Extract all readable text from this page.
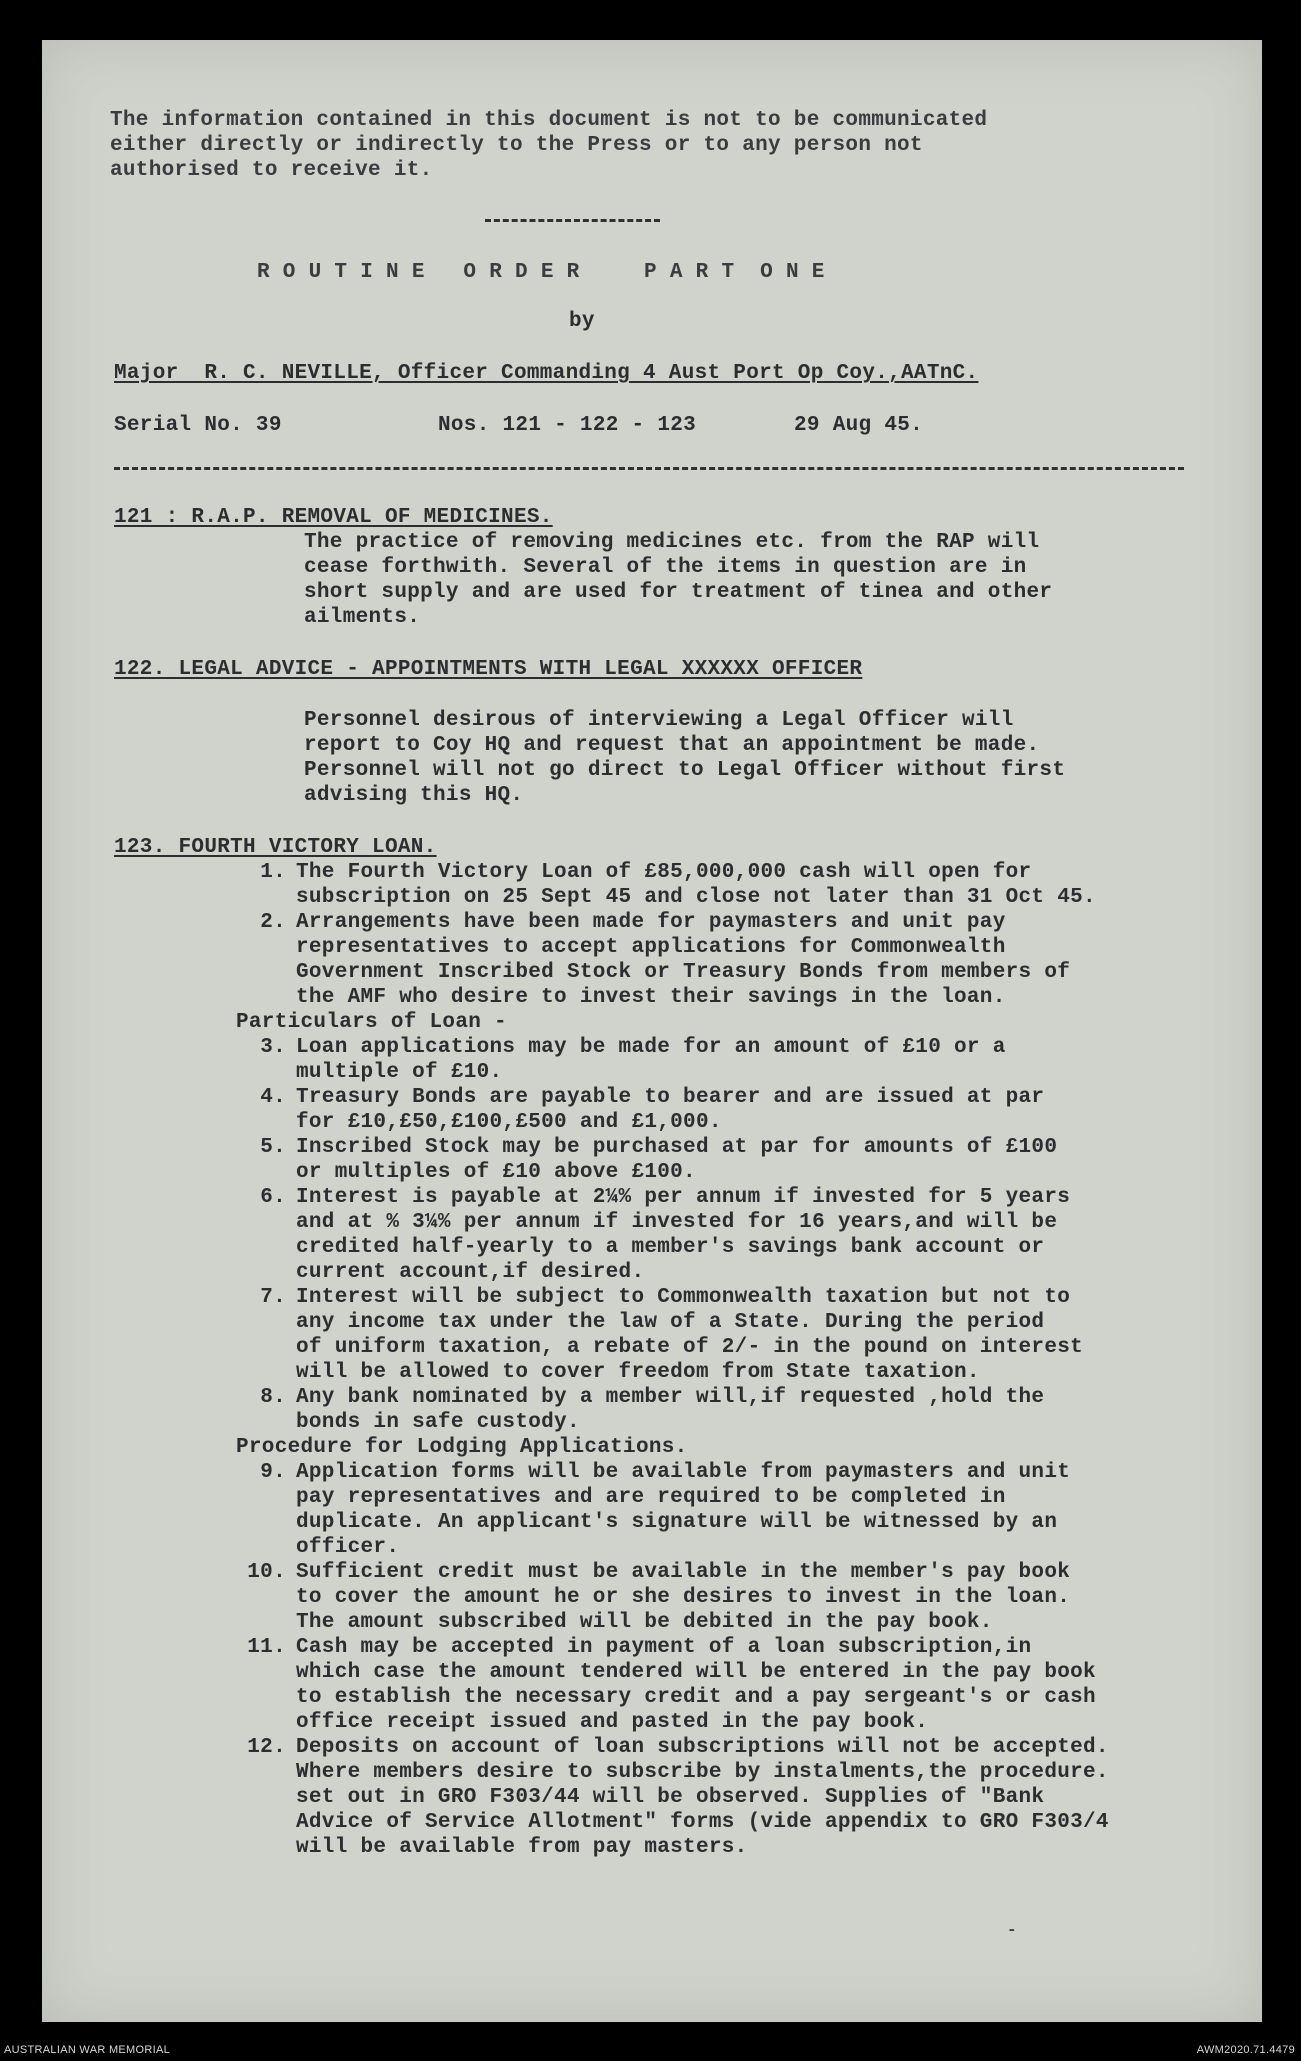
The information contained in this document is not to be communicated
either directly or indirectly to the Press or to any person not
authorised to receive it.
R O U T I N E   O R D E R     P A R T  O N E
by
Major  R. C. NEVILLE, Officer Commanding 4 Aust Port Op Coy.,AATnC.
Serial No. 39	Nos. 121 - 122 - 123	29 Aug 45.
121 : R.A.P. REMOVAL OF MEDICINES.
The practice of removing medicines etc. from the RAP will
cease forthwith. Several of the items in question are in
short supply and are used for treatment of tinea and other
ailments.
122. LEGAL ADVICE - APPOINTMENTS WITH LEGAL XXXXXX OFFICER
Personnel desirous of interviewing a Legal Officer will
report to Coy HQ and request that an appointment be made.
Personnel will not go direct to Legal Officer without first
advising this HQ.
123. FOURTH VICTORY LOAN.
1. The Fourth Victory Loan of £85,000,000 cash will open for
subscription on 25 Sept 45 and close not later than 31 Oct 45.
2. Arrangements have been made for paymasters and unit pay
representatives to accept applications for Commonwealth
Government Inscribed Stock or Treasury Bonds from members of
the AMF who desire to invest their savings in the loan.
Particulars of Loan -
3. Loan applications may be made for an amount of £10 or a
multiple of £10.
4. Treasury Bonds are payable to bearer and are issued at par
for £10,£50,£100,£500 and £1,000.
5. Inscribed Stock may be purchased at par for amounts of £100
or multiples of £10 above £100.
6. Interest is payable at 2¼% per annum if invested for 5 years
and at % 3¼% per annum if invested for 16 years,and will be
credited half-yearly to a member's savings bank account or
current account,if desired.
7. Interest will be subject to Commonwealth taxation but not to
any income tax under the law of a State. During the period
of uniform taxation, a rebate of 2/- in the pound on interest
will be allowed to cover freedom from State taxation.
8. Any bank nominated by a member will,if requested ,hold the
bonds in safe custody.
Procedure for Lodging Applications.
9. Application forms will be available from paymasters and unit
pay representatives and are required to be completed in
duplicate. An applicant's signature will be witnessed by an
officer.
10. Sufficient credit must be available in the member's pay book
to cover the amount he or she desires to invest in the loan.
The amount subscribed will be debited in the pay book.
11. Cash may be accepted in payment of a loan subscription,in
which case the amount tendered will be entered in the pay book
to establish the necessary credit and a pay sergeant's or cash
office receipt issued and pasted in the pay book.
12. Deposits on account of loan subscriptions will not be accepted.
Where members desire to subscribe by instalments,the procedure.
set out in GRO F303/44 will be observed. Supplies of "Bank
Advice of Service Allotment" forms (vide appendix to GRO F303/4
will be available from pay masters.
-
AUSTRALIAN WAR MEMORIAL	AWM2020.71.4479
